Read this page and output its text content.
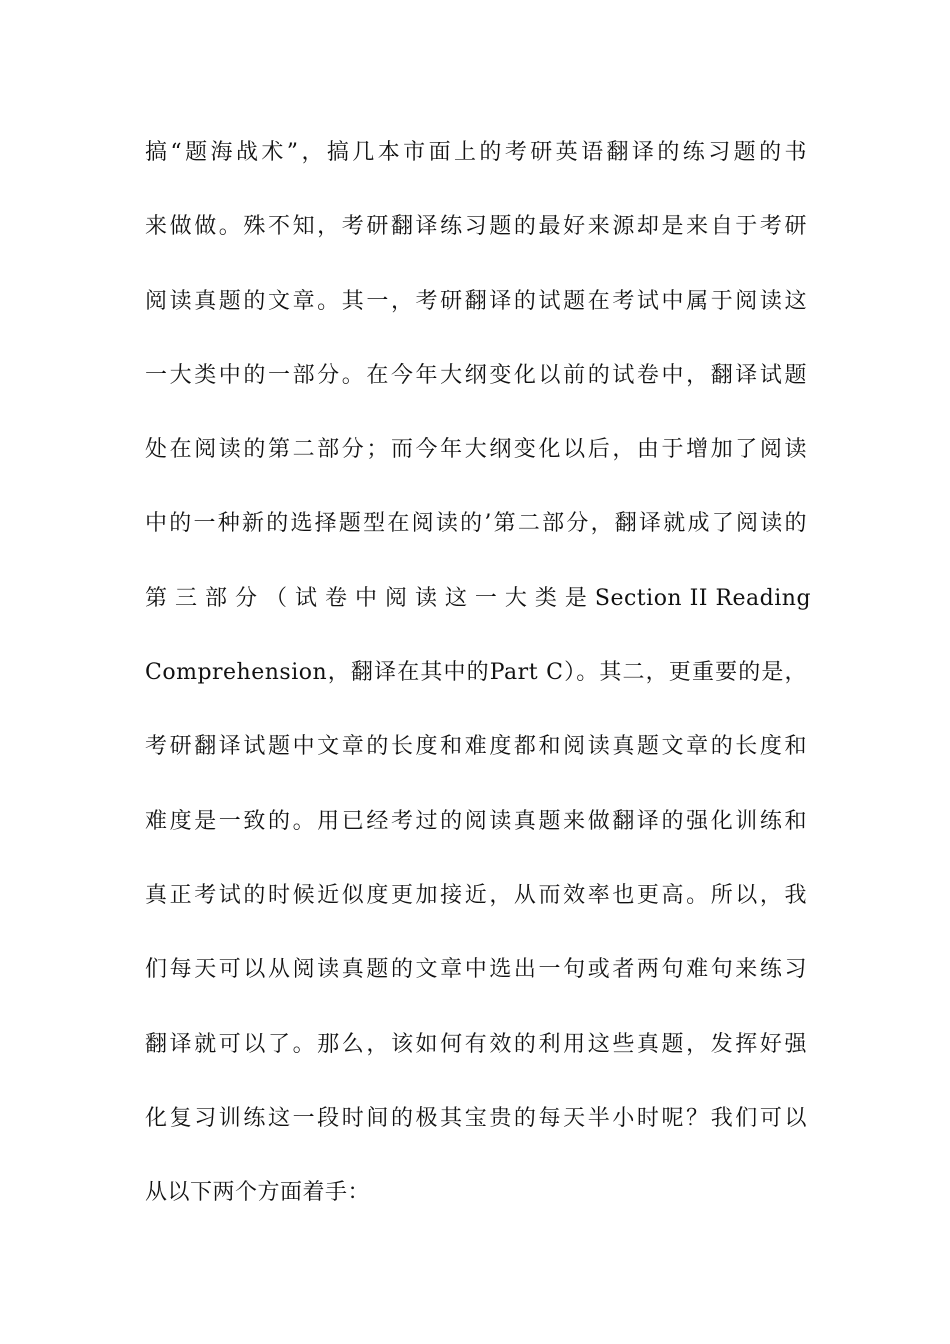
搞“题海战术”，搞几本市面上的考研英语翻译的练习题的书
来做做。殊不知，考研翻译练习题的最好来源却是来自于考研
阅读真题的文章。其一，考研翻译的试题在考试中属于阅读这
一大类中的一部分。在今年大纲变化以前的试卷中，翻译试题
处在阅读的第二部分；而今年大纲变化以后，由于增加了阅读
中的一种新的选择题型在阅读的’第二部分，翻译就成了阅读的
第 三 部 分 （ 试 卷 中 阅 读 这 一 大 类 是 Section II Reading
Comprehension，翻译在其中的Part C）。其二，更重要的是，
考研翻译试题中文章的长度和难度都和阅读真题文章的长度和
难度是一致的。用已经考过的阅读真题来做翻译的强化训练和
真正考试的时候近似度更加接近，从而效率也更高。所以，我
们每天可以从阅读真题的文章中选出一句或者两句难句来练习
翻译就可以了。那么，该如何有效的利用这些真题，发挥好强
化复习训练这一段时间的极其宝贵的每天半小时呢？我们可以
从以下两个方面着手：
